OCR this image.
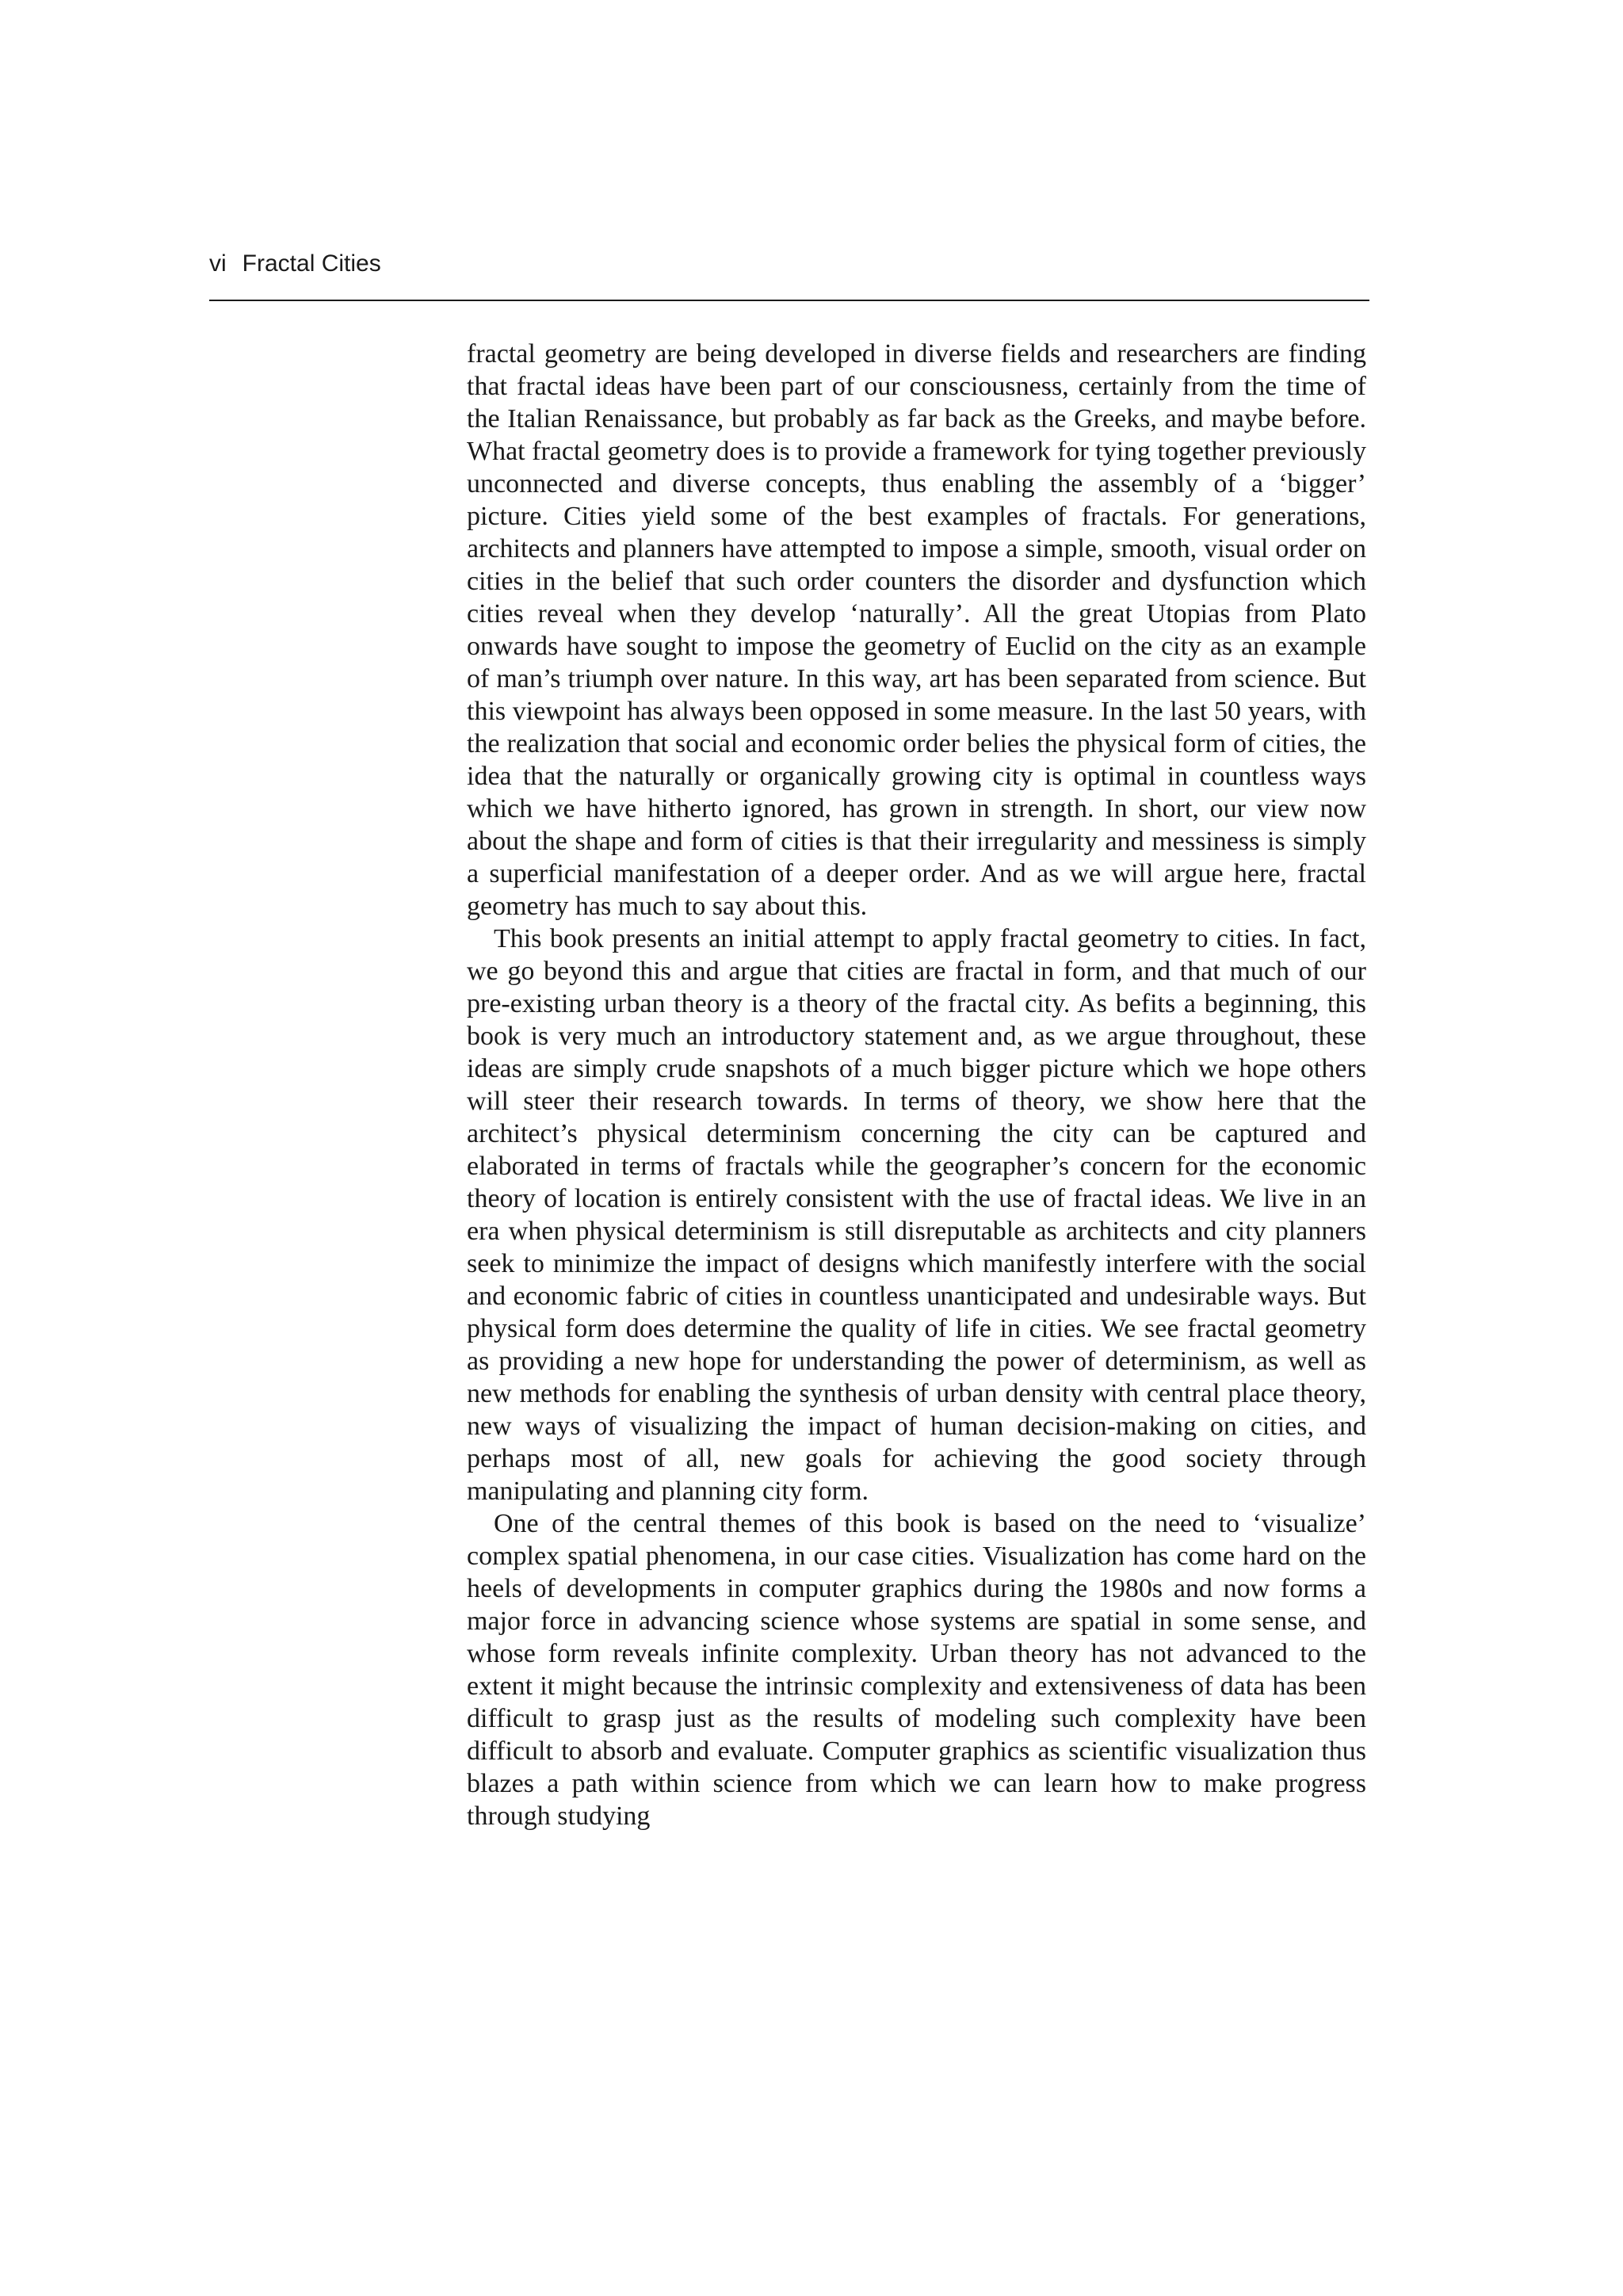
vi Fractal Cities

fractal geometry are being developed in diverse fields and researchers are finding that fractal ideas have been part of our consciousness, certainly from the time of the Italian Renaissance, but probably as far back as the Greeks, and maybe before. What fractal geometry does is to provide a framework for tying together previously unconnected and diverse concepts, thus enabling the assembly of a ‘bigger’ picture. Cities yield some of the best examples of fractals. For generations, architects and planners have attempted to impose a simple, smooth, visual order on cities in the belief that such order counters the disorder and dysfunction which cities reveal when they develop ‘naturally’. All the great Utopias from Plato onwards have sought to impose the geometry of Euclid on the city as an example of man’s triumph over nature. In this way, art has been separated from science. But this viewpoint has always been opposed in some measure. In the last 50 years, with the realization that social and economic order belies the physical form of cities, the idea that the naturally or organically growing city is optimal in countless ways which we have hitherto ignored, has grown in strength. In short, our view now about the shape and form of cities is that their irregularity and messiness is simply a superficial manifestation of a deeper order. And as we will argue here, fractal geometry has much to say about this.

This book presents an initial attempt to apply fractal geometry to cities. In fact, we go beyond this and argue that cities are fractal in form, and that much of our pre-existing urban theory is a theory of the fractal city. As befits a beginning, this book is very much an introductory statement and, as we argue throughout, these ideas are simply crude snapshots of a much bigger picture which we hope others will steer their research towards. In terms of theory, we show here that the architect’s physical determinism concerning the city can be captured and elaborated in terms of fractals while the geographer’s concern for the economic theory of location is entirely consistent with the use of fractal ideas. We live in an era when physical determinism is still disreputable as architects and city planners seek to minimize the impact of designs which manifestly interfere with the social and economic fabric of cities in countless unanticipated and undesirable ways. But physical form does determine the quality of life in cities. We see fractal geometry as providing a new hope for understanding the power of determinism, as well as new methods for enabling the synthesis of urban density with central place theory, new ways of visualizing the impact of human decision-making on cities, and perhaps most of all, new goals for achieving the good society through manipulating and planning city form.

One of the central themes of this book is based on the need to ‘visualize’ complex spatial phenomena, in our case cities. Visualization has come hard on the heels of developments in computer graphics during the 1980s and now forms a major force in advancing science whose systems are spatial in some sense, and whose form reveals infinite complexity. Urban theory has not advanced to the extent it might because the intrinsic complexity and extensiveness of data has been difficult to grasp just as the results of modeling such complexity have been difficult to absorb and evaluate. Computer graphics as scientific visualization thus blazes a path within science from which we can learn how to make progress through studying
